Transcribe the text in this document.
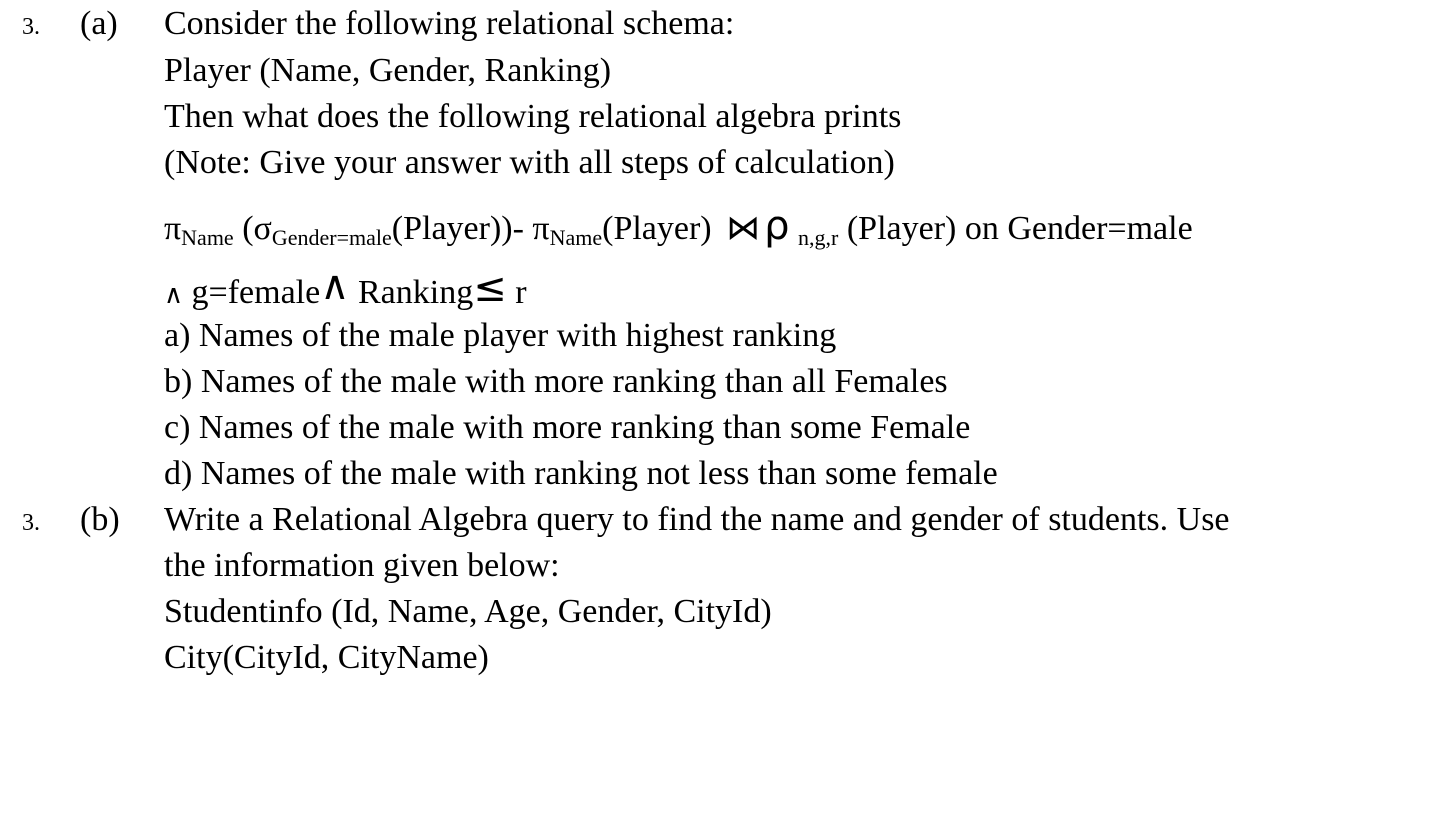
3. (a) Consider the following relational schema:
Player (Name, Gender, Ranking)
Then what does the following relational algebra prints
(Note: Give your answer with all steps of calculation)
πName (σGender=male(Player))- πName(Player) ⋈ ρ n,g,r (Player) on Gender=male
∧ g=female∧ Ranking≤ r
a) Names of the male player with highest ranking
b) Names of the male with more ranking than all Females
c) Names of the male with more ranking than some Female
d) Names of the male with ranking not less than some female
3. (b) Write a Relational Algebra query to find the name and gender of students. Use
the information given below:
Studentinfo (Id, Name, Age, Gender, CityId)
City(CityId, CityName)
